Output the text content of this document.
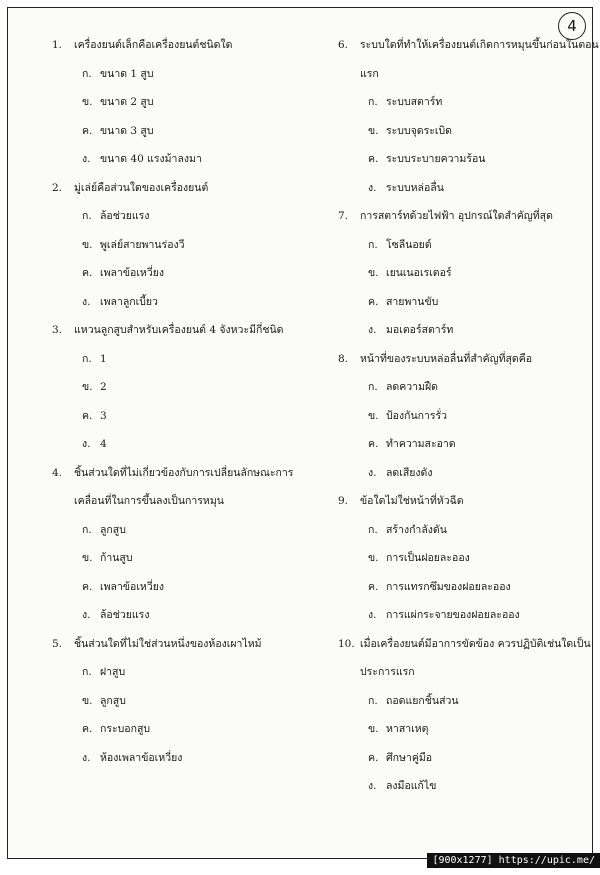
4
1. เครื่องยนต์เล็กคือเครื่องยนต์ชนิดใด
ก. ขนาด 1 สูบ
ข. ขนาด 2 สูบ
ค. ขนาด 3 สูบ
ง. ขนาด 40 แรงม้าลงมา
2. มู่เล่ย์คือส่วนใดของเครื่องยนต์
ก. ล้อช่วยแรง
ข. พูเล่ย์สายพานร่องวี
ค. เพลาข้อเหวี่ยง
ง. เพลาลูกเบี้ยว
3. แหวนลูกสูบสำหรับเครื่องยนต์ 4 จังหวะมีกี่ชนิด
ก. 1
ข. 2
ค. 3
ง. 4
4. ชิ้นส่วนใดที่ไม่เกี่ยวข้องกับการเปลี่ยนลักษณะการ
เคลื่อนที่ในการขึ้นลงเป็นการหมุน
ก. ลูกสูบ
ข. ก้านสูบ
ค. เพลาข้อเหวี่ยง
ง. ล้อช่วยแรง
5. ชิ้นส่วนใดที่ไม่ใช่ส่วนหนึ่งของห้องเผาไหม้
ก. ฝาสูบ
ข. ลูกสูบ
ค. กระบอกสูบ
ง. ห้องเพลาข้อเหวี่ยง
6. ระบบใดที่ทำให้เครื่องยนต์เกิดการหมุนขึ้นก่อนในตอน
แรก
ก. ระบบสตาร์ท
ข. ระบบจุดระเบิด
ค. ระบบระบายความร้อน
ง. ระบบหล่อลื่น
7. การสตาร์ทด้วยไฟฟ้า อุปกรณ์ใดสำคัญที่สุด
ก. โซลีนอยด์
ข. เยนเนอเรเตอร์
ค. สายพานขับ
ง. มอเตอร์สตาร์ท
8. หน้าที่ของระบบหล่อลื่นที่สำคัญที่สุดคือ
ก. ลดความฝืด
ข. ป้องกันการรั่ว
ค. ทำความสะอาด
ง. ลดเสียงดัง
9. ข้อใดไม่ใช่หน้าที่หัวฉีด
ก. สร้างกำลังดัน
ข. การเป็นฝอยละออง
ค. การแทรกซึมของฝอยละออง
ง. การแผ่กระจายของฝอยละออง
10. เมื่อเครื่องยนต์มีอาการขัดข้อง ควรปฏิบัติเช่นใดเป็น
ประการแรก
ก. ถอดแยกชิ้นส่วน
ข. หาสาเหตุ
ค. ศึกษาคู่มือ
ง. ลงมือแก้ไข
[900x1277] https://upic.me/
